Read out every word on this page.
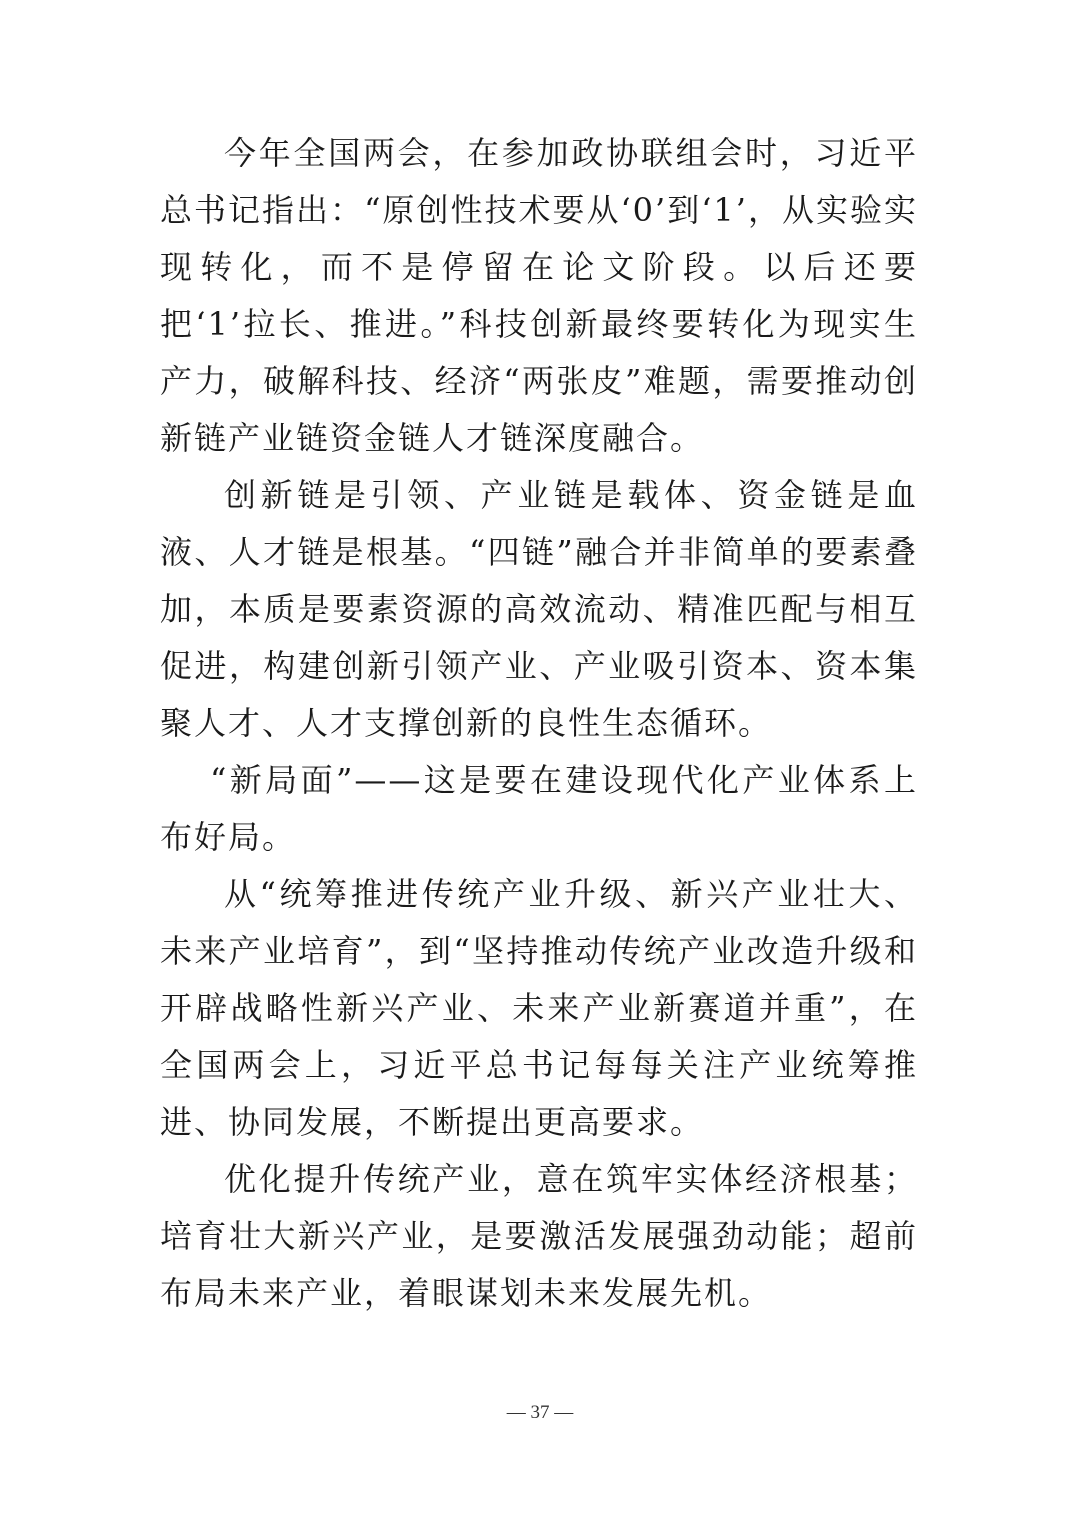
今年全国两会，在参加政协联组会时，习近平总书记指出：“原创性技术要从‘0’到‘1’，从实验实现转化，而不是停留在论文阶段。以后还要把‘1’拉长、推进。”科技创新最终要转化为现实生产力，破解科技、经济“两张皮”难题，需要推动创新链产业链资金链人才链深度融合。

创新链是引领、产业链是载体、资金链是血液、人才链是根基。“四链”融合并非简单的要素叠加，本质是要素资源的高效流动、精准匹配与相互促进，构建创新引领产业、产业吸引资本、资本集聚人才、人才支撑创新的良性生态循环。

“新局面”——这是要在建设现代化产业体系上布好局。

从“统筹推进传统产业升级、新兴产业壮大、未来产业培育”，到“坚持推动传统产业改造升级和开辟战略性新兴产业、未来产业新赛道并重”，在全国两会上，习近平总书记每每关注产业统筹推进、协同发展，不断提出更高要求。

优化提升传统产业，意在筑牢实体经济根基；培育壮大新兴产业，是要激活发展强劲动能；超前布局未来产业，着眼谋划未来发展先机。

— 37 —
